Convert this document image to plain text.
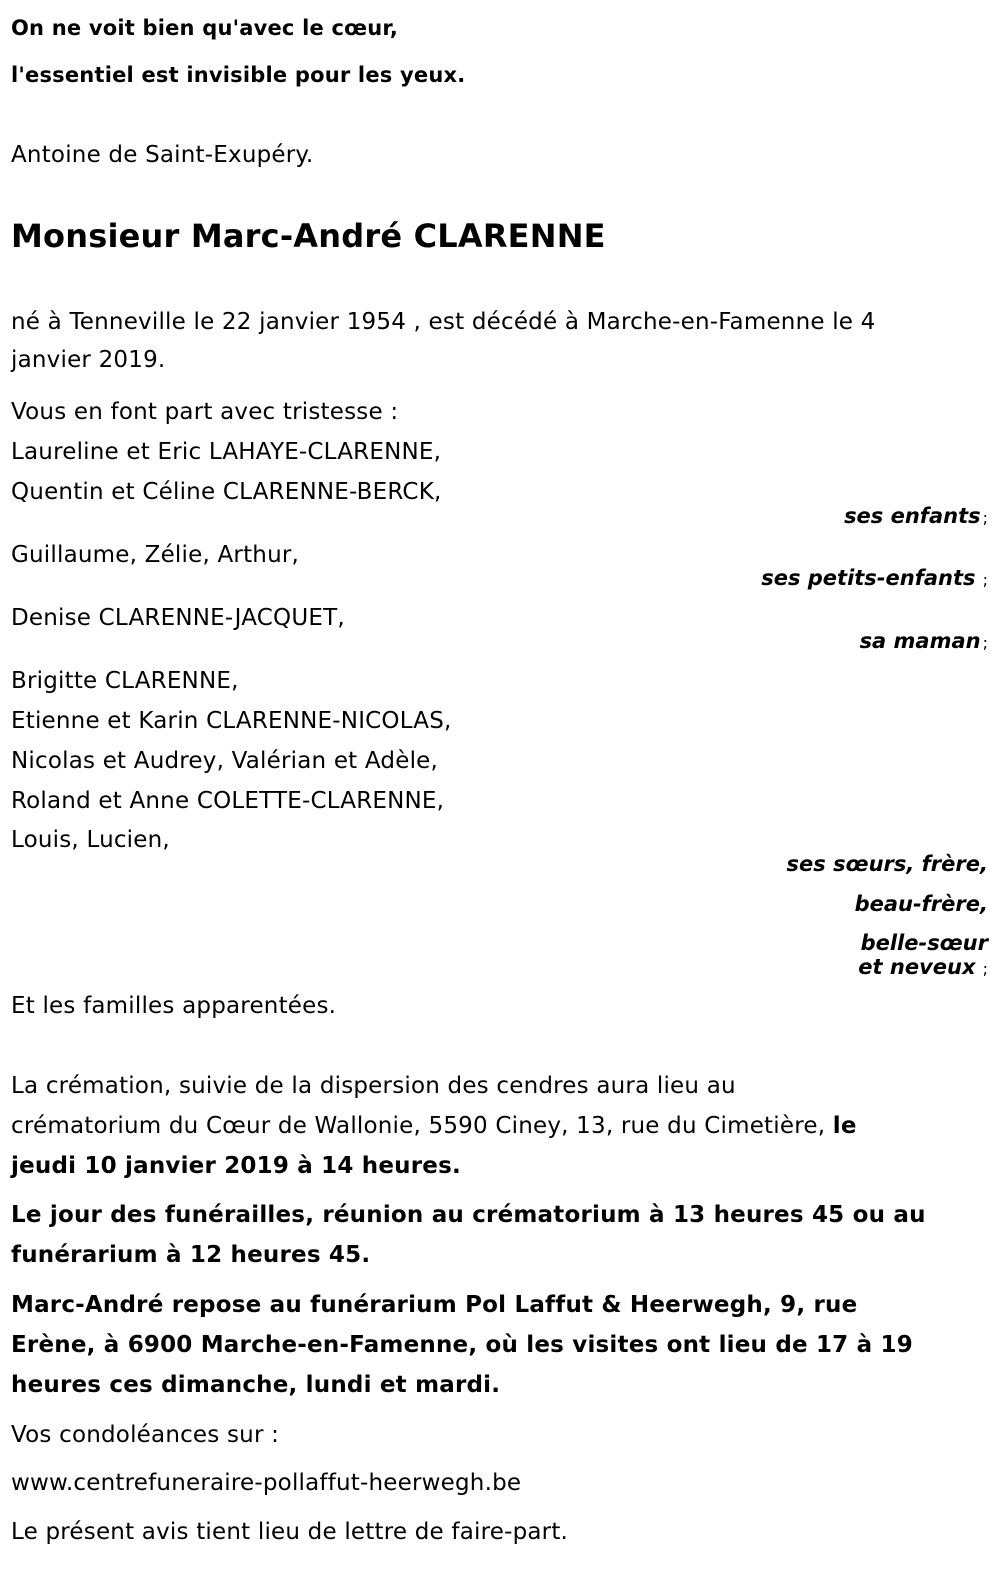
On ne voit bien qu'avec le cœur,
l'essentiel est invisible pour les yeux.
Antoine de Saint-Exupéry.
Monsieur Marc-André CLARENNE
né à Tenneville le 22 janvier 1954 , est décédé à Marche-en-Famenne le 4
janvier 2019.
Vous en font part avec tristesse :
Laureline et Eric LAHAYE-CLARENNE,
Quentin et Céline CLARENNE-BERCK,
ses enfants ;
Guillaume, Zélie, Arthur,
ses petits-enfants ;
Denise CLARENNE-JACQUET,
sa maman ;
Brigitte CLARENNE,
Etienne et Karin CLARENNE-NICOLAS,
Nicolas et Audrey, Valérian et Adèle,
Roland et Anne COLETTE-CLARENNE,
Louis, Lucien,
ses sœurs, frère,
beau-frère,
belle-sœur
et neveux ;
Et les familles apparentées.
La crémation, suivie de la dispersion des cendres aura lieu au
crématorium du Cœur de Wallonie, 5590 Ciney, 13, rue du Cimetière, le
jeudi 10 janvier 2019 à 14 heures.
Le jour des funérailles, réunion au crématorium à 13 heures 45 ou au
funérarium à 12 heures 45.
Marc-André repose au funérarium Pol Laffut & Heerwegh, 9, rue
Erène, à 6900 Marche-en-Famenne, où les visites ont lieu de 17 à 19
heures ces dimanche, lundi et mardi.
Vos condoléances sur :
www.centrefuneraire-pollaffut-heerwegh.be
Le présent avis tient lieu de lettre de faire-part.
